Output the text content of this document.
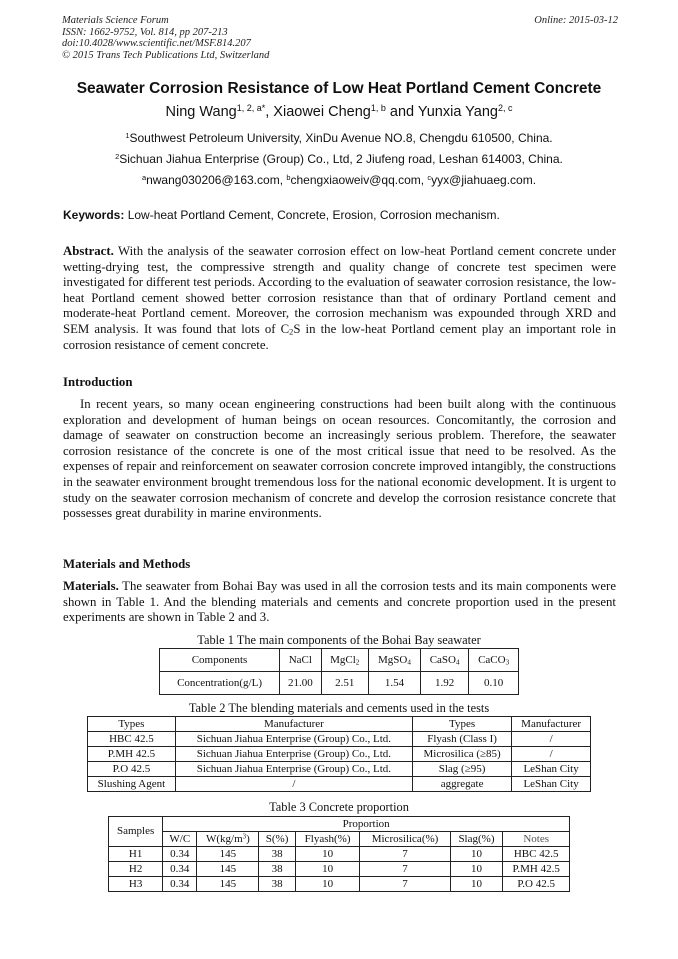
Materials Science Forum
ISSN: 1662-9752, Vol. 814, pp 207-213
doi:10.4028/www.scientific.net/MSF.814.207
© 2015 Trans Tech Publications Ltd, Switzerland
Online: 2015-03-12
Seawater Corrosion Resistance of Low Heat Portland Cement Concrete
Ning Wang$^{1, 2, a*}$, Xiaowei Cheng$^{1, b}$ and Yunxia Yang$^{2, c}$
$^1$Southwest Petroleum University, XinDu Avenue NO.8, Chengdu 610500, China.
$^2$Sichuan Jiahua Enterprise (Group) Co., Ltd, 2 Jiufeng road, Leshan 614003, China.
$^a$nwang030206@163.com, $^b$chengxiaoweiv@qq.com, $^c$yyx@jiahuaeg.com.
Keywords: Low-heat Portland Cement, Concrete, Erosion, Corrosion mechanism.
Abstract. With the analysis of the seawater corrosion effect on low-heat Portland cement concrete under wetting-drying test, the compressive strength and quality change of concrete test specimen were investigated for different test periods. According to the evaluation of seawater corrosion resistance, the low-heat Portland cement showed better corrosion resistance than that of ordinary Portland cement and moderate-heat Portland cement. Moreover, the corrosion mechanism was expounded through XRD and SEM analysis. It was found that lots of $C_2S$ in the low-heat Portland cement play an important role in corrosion resistance of cement concrete.
Introduction
In recent years, so many ocean engineering constructions had been built along with the continuous exploration and development of human beings on ocean resources. Concomitantly, the corrosion and damage of seawater on construction become an increasingly serious problem. Therefore, the seawater corrosion resistance of the concrete is one of the most critical issue that need to be resolved. As the expenses of repair and reinforcement on seawater corrosion concrete improved intangibly, the constructions in the seawater environment brought tremendous loss for the national economic development. It is urgent to study on the seawater corrosion mechanism of concrete and develop the corrosion resistance concrete that possesses great durability in marine environments.
Materials and Methods
Materials. The seawater from Bohai Bay was used in all the corrosion tests and its main components were shown in Table 1. And the blending materials and cements and concrete proportion used in the present experiments are shown in Table 2 and 3.
Table 1 The main components of the Bohai Bay seawater
Components	NaCl	MgCl$_2$	MgSO$_4$	CaSO$_4$	CaCO$_3$
Concentration(g/L)	21.00	2.51	1.54	1.92	0.10
Table 2 The blending materials and cements used in the tests
Types	Manufacturer	Types	Manufacturer
HBC 42.5	Sichuan Jiahua Enterprise (Group) Co., Ltd.	Flyash (Class I)	/
P.MH 42.5	Sichuan Jiahua Enterprise (Group) Co., Ltd.	Microsilica (≥85)	/
P.O 42.5	Sichuan Jiahua Enterprise (Group) Co., Ltd.	Slag (≥95)	LeShan City
Slushing Agent	/	aggregate	LeShan City
Table 3 Concrete proportion
Samples	Proportion						
	W/C	$W(kg/m^3)$	S(%)	Flyash(%)	Microsilica(%)	Slag(%)	Notes
H1	0.34	145	38	10	7	10	HBC 42.5
H2	0.34	145	38	10	7	10	P.MH 42.5
H3	0.34	145	38	10	7	10	P.O 42.5
